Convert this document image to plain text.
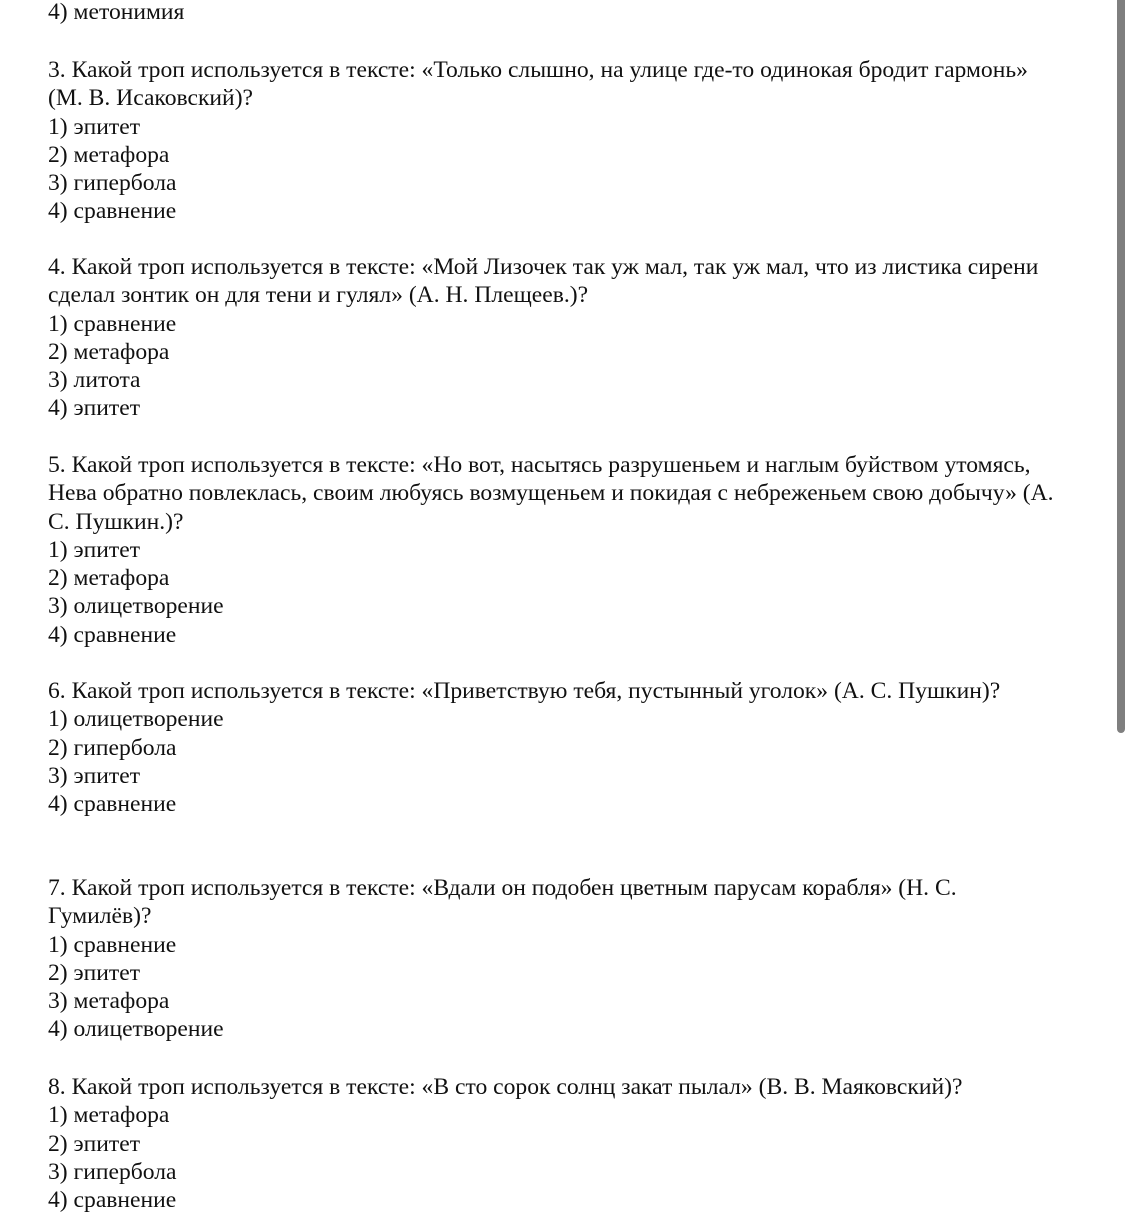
4) метонимия
3. Какой троп используется в тексте: «Только слышно, на улице где-то одинокая бродит гармонь»
(М. В. Исаковский)?
1) эпитет
2) метафора
3) гипербола
4) сравнение
4. Какой троп используется в тексте: «Мой Лизочек так уж мал, так уж мал, что из листика сирени
сделал зонтик он для тени и гулял» (А. Н. Плещеев.)?
1) сравнение
2) метафора
3) литота
4) эпитет
5. Какой троп используется в тексте: «Но вот, насытясь разрушеньем и наглым буйством утомясь,
Нева обратно повлеклась, своим любуясь возмущеньем и покидая с небреженьем свою добычу» (А.
С. Пушкин.)?
1) эпитет
2) метафора
3) олицетворение
4) сравнение
6. Какой троп используется в тексте: «Приветствую тебя, пустынный уголок» (А. С. Пушкин)?
1) олицетворение
2) гипербола
3) эпитет
4) сравнение
7. Какой троп используется в тексте: «Вдали он подобен цветным парусам корабля» (Н. С.
Гумилёв)?
1) сравнение
2) эпитет
3) метафора
4) олицетворение
8. Какой троп используется в тексте: «В сто сорок солнц закат пылал» (В. В. Маяковский)?
1) метафора
2) эпитет
3) гипербола
4) сравнение
